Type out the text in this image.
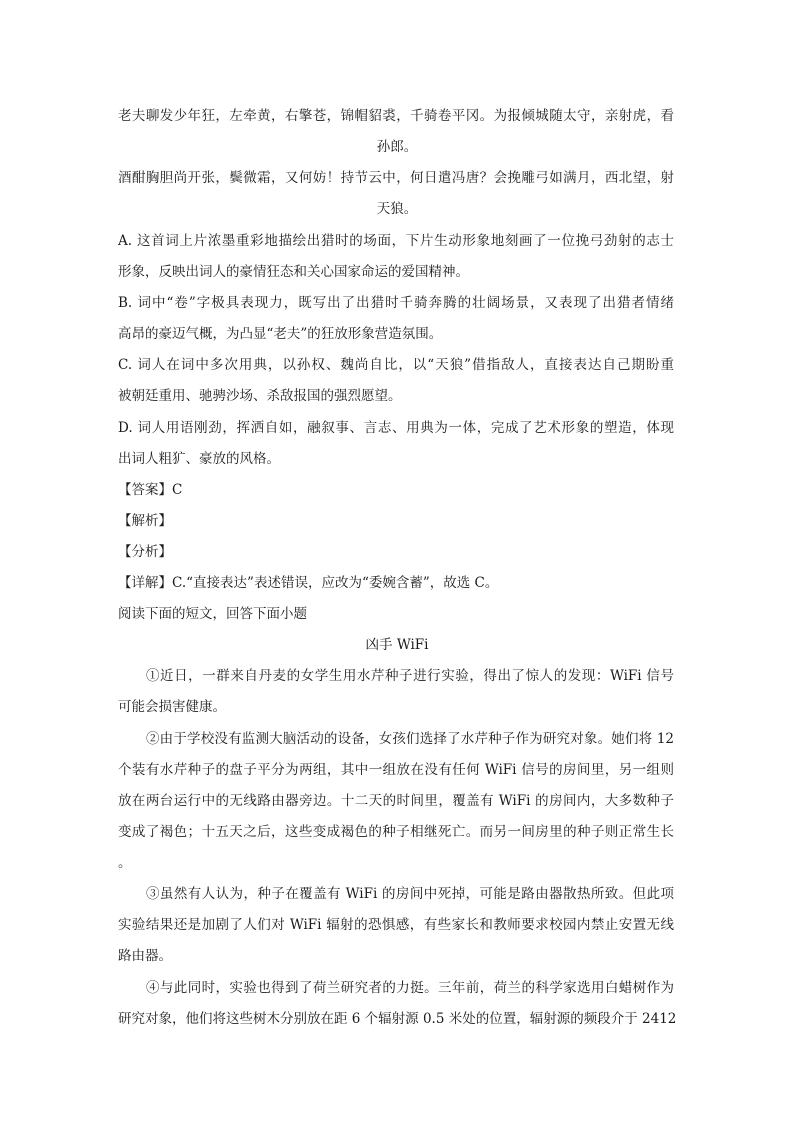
老夫聊发少年狂，左牵黄，右擎苍，锦帽貂裘，千骑卷平冈。为报倾城随太守，亲射虎，看
孙郎。
酒酣胸胆尚开张，鬓微霜，又何妨！持节云中，何日遣冯唐？会挽雕弓如满月，西北望，射
天狼。
A. 这首词上片浓墨重彩地描绘出猎时的场面，下片生动形象地刻画了一位挽弓劲射的志士
形象，反映出词人的豪情狂态和关心国家命运的爱国精神。
B. 词中“卷”字极具表现力，既写出了出猎时千骑奔腾的壮阔场景，又表现了出猎者情绪
高昂的豪迈气概，为凸显“老夫”的狂放形象营造氛围。
C. 词人在词中多次用典，以孙权、魏尚自比，以“天狼”借指敌人，直接表达自己期盼重
被朝廷重用、驰骋沙场、杀敌报国的强烈愿望。
D. 词人用语刚劲，挥洒自如，融叙事、言志、用典为一体，完成了艺术形象的塑造，体现
出词人粗犷、豪放的风格。
【答案】C
【解析】
【分析】
【详解】C.“直接表达”表述错误，应改为“委婉含蓄”，故选 C。
阅读下面的短文，回答下面小题
凶手 WiFi
①近日，一群来自丹麦的女学生用水芹种子进行实验，得出了惊人的发现：WiFi 信号
可能会损害健康。
②由于学校没有监测大脑活动的设备，女孩们选择了水芹种子作为研究对象。她们将 12
个装有水芹种子的盘子平分为两组，其中一组放在没有任何 WiFi 信号的房间里，另一组则
放在两台运行中的无线路由器旁边。十二天的时间里，覆盖有 WiFi 的房间内，大多数种子
变成了褐色；十五天之后，这些变成褐色的种子相继死亡。而另一间房里的种子则正常生长
。
③虽然有人认为，种子在覆盖有 WiFi 的房间中死掉，可能是路由器散热所致。但此项
实验结果还是加剧了人们对 WiFi 辐射的恐惧感，有些家长和教师要求校园内禁止安置无线
路由器。
④与此同时，实验也得到了荷兰研究者的力挺。三年前，荷兰的科学家选用白蜡树作为
研究对象，他们将这些树木分别放在距 6 个辐射源 0.5 米处的位置，辐射源的频段介于 2412
